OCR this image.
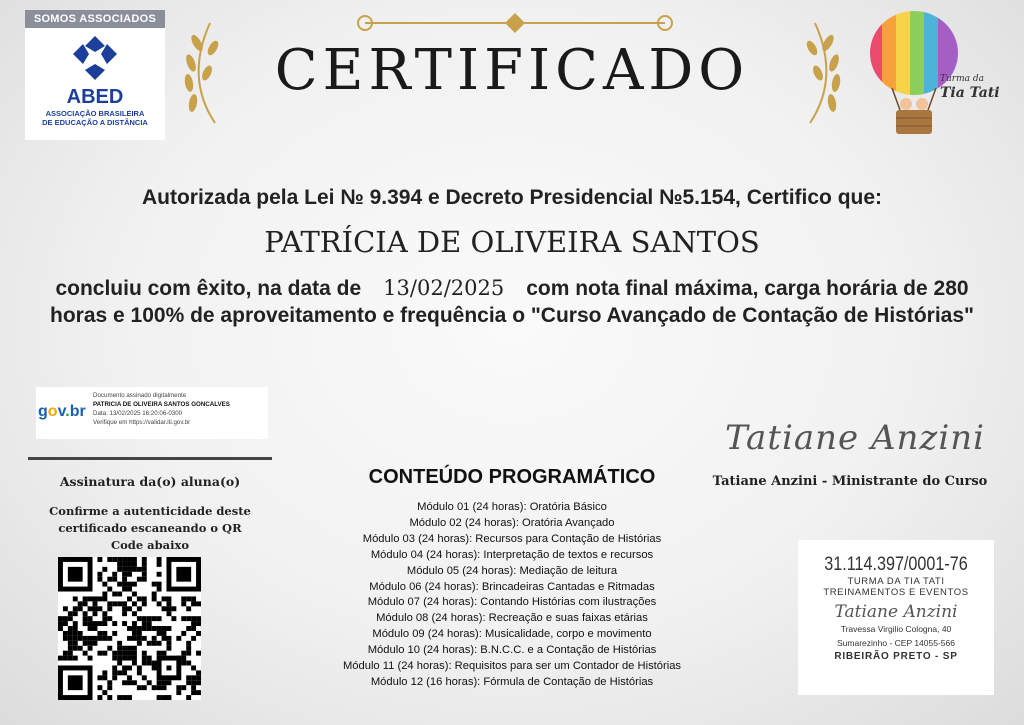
SOMOS ASSOCIADOS
ABED
ASSOCIAÇÃO BRASILEIRA
DE EDUCAÇÃO A DISTÂNCIA
CERTIFICADO	Turma da
Tia Tati
Autorizada pela Lei № 9.394 e Decreto Presidencial №5.154, Certifico que:
PATRÍCIA DE OLIVEIRA SANTOS
concluiu com êxito, na data de 13/02/2025 com nota final máxima, carga horária de 280 horas e 100% de aproveitamento e frequência o "Curso Avançado de Contação de Histórias"
gov.br
Documento assinado digitalmente
PATRICIA DE OLIVEIRA SANTOS GONCALVES
Data: 13/02/2025 16:20:06-0300
Verifique em https://validar.iti.gov.br
Assinatura da(o) aluna(o)
Confirme a autenticidade deste
certificado escaneando o QR
Code abaixo
CONTEÚDO PROGRAMÁTICO
Módulo 01 (24 horas): Oratória Básico
Módulo 02 (24 horas): Oratória Avançado
Módulo 03 (24 horas): Recursos para Contação de Histórias
Módulo 04 (24 horas): Interpretação de textos e recursos
Módulo 05 (24 horas): Mediação de leitura
Módulo 06 (24 horas): Brincadeiras Cantadas e Ritmadas
Módulo 07 (24 horas): Contando Histórias com ilustrações
Módulo 08 (24 horas): Recreação e suas faixas etárias
Módulo 09 (24 horas): Musicalidade, corpo e movimento
Módulo 10 (24 horas): B.N.C.C. e a Contação de Histórias
Módulo 11 (24 horas): Requisitos para ser um Contador de Histórias
Módulo 12 (16 horas): Fórmula de Contação de Histórias
Tatiane Anzini
Tatiane Anzini - Ministrante do Curso
31.114.397/0001-76
TURMA DA TIA TATI
TREINAMENTOS E EVENTOS
Tatiane Anzini
Travessa Virgilio Cologna, 40
Sumarezinho - CEP 14055-566
RIBEIRÃO PRETO - SP
